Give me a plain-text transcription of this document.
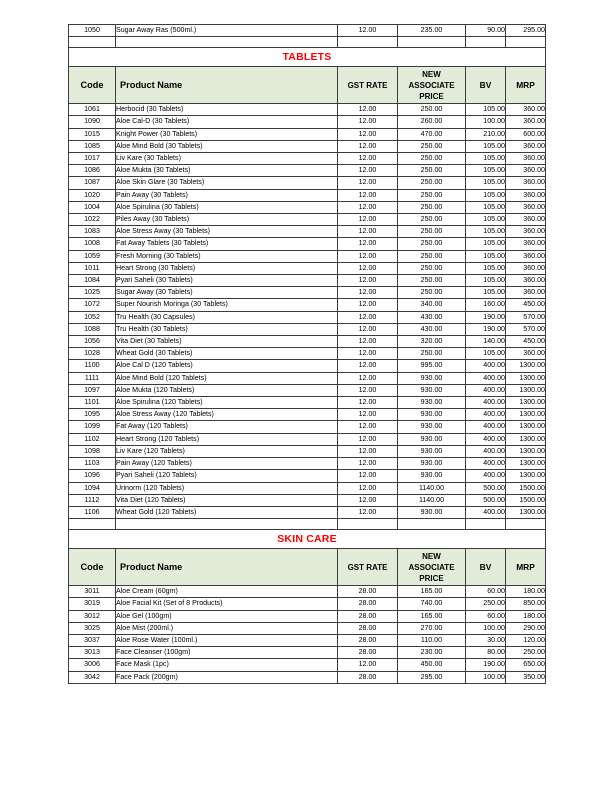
1050	Sugar Away Ras (500ml.)	12.00	235.00	90.00	295.00

TABLETS					
Code	Product Name	GST RATE	NEW
ASSOCIATE
PRICE	BV	MRP
1061	Herbocid (30 Tablets)	12.00	250.00	105.00	360.00
1090	Aloe Cal-D (30 Tablets)	12.00	260.00	100.00	360.00
1015	Knight Power (30 Tablets)	12.00	470.00	210.00	600.00
1085	Aloe Mind Bold (30 Tablets)	12.00	250.00	105.00	360.00
1017	Liv Kare (30 Tablets)	12.00	250.00	105.00	360.00
1086	Aloe Mukta (30 Tablets)	12.00	250.00	105.00	360.00
1087	Aloe Skin Glare (30 Tablets)	12.00	250.00	105.00	360.00
1020	Pain Away (30 Tablets)	12.00	250.00	105.00	360.00
1004	Aloe Spirulina (30 Tablets)	12.00	250.00	105.00	360.00
1022	Piles Away (30 Tablets)	12.00	250.00	105.00	360.00
1083	Aloe Stress Away (30 Tablets)	12.00	250.00	105.00	360.00
1008	Fat Away Tablets (30 Tablets)	12.00	250.00	105.00	360.00
1059	Fresh Morning (30 Tablets)	12.00	250.00	105.00	360.00
1011	Heart Strong (30 Tablets)	12.00	250.00	105.00	360.00
1084	Pyari Saheli (30 Tablets)	12.00	250.00	105.00	360.00
1025	Sugar Away (30 Tablets)	12.00	250.00	105.00	360.00
1072	Super Nourish Moringa (30 Tablets)	12.00	340.00	160.00	450.00
1052	Tru Health (30 Capsules)	12.00	430.00	190.00	570.00
1088	Tru Health (30 Tablets)	12.00	430.00	190.00	570.00
1056	Vita Diet (30 Tablets)	12.00	320.00	140.00	450.00
1028	Wheat Gold (30 Tablets)	12.00	250.00	105.00	360.00
1100	Aloe Cal D (120 Tablets)	12.00	995.00	400.00	1300.00
1111	Aloe Mind Bold (120 Tablets)	12.00	930.00	400.00	1300.00
1097	Aloe Mukta (120 Tablets)	12.00	930.00	400.00	1300.00
1101	Aloe Spirulina (120 Tablets)	12.00	930.00	400.00	1300.00
1095	Aloe Stress Away (120 Tablets)	12.00	930.00	400.00	1300.00
1099	Fat Away (120 Tablets)	12.00	930.00	400.00	1300.00
1102	Heart Strong (120 Tablets)	12.00	930.00	400.00	1300.00
1098	Liv Kare (120 Tablets)	12.00	930.00	400.00	1300.00
1103	Pain Away (120 Tablets)	12.00	930.00	400.00	1300.00
1096	Pyari Saheli (120 Tablets)	12.00	930.00	400.00	1300.00
1094	Urinorm (120 Tablets)	12.00	1140.00	500.00	1500.00
1112	Vita Diet (120 Tablets)	12.00	1140.00	500.00	1500.00
1106	Wheat Gold (120 Tablets)	12.00	930.00	400.00	1300.00

SKIN CARE					
Code	Product Name	GST RATE	NEW
ASSOCIATE
PRICE	BV	MRP
3011	Aloe Cream (60gm)	28.00	165.00	60.00	180.00
3019	Aloe Facial Kit (Set of 8 Products)	28.00	740.00	250.00	850.00
3012	Aloe Gel (100gm)	28.00	165.00	60.00	180.00
3025	Aloe Mist (200ml.)	28.00	270.00	100.00	290.00
3037	Aloe Rose Water (100ml.)	28.00	110.00	30.00	120.00
3013	Face Cleanser (100gm)	28.00	230.00	80.00	250.00
3006	Face Mask (1pc)	12.00	450.00	190.00	650.00
3042	Face Pack (200gm)	28.00	295.00	100.00	350.00
